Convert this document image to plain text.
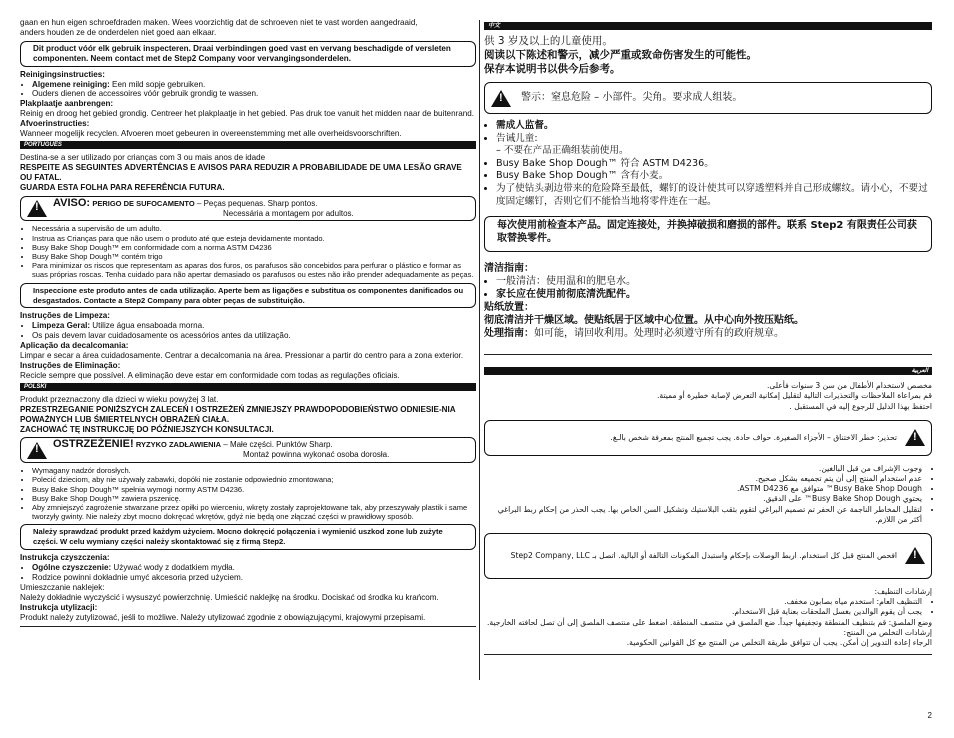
gaan en hun eigen schroefdraden maken. Wees voorzichtig dat de schroeven niet te vast worden aangedraaid,
anders houden ze de onderdelen niet goed aan elkaar.
Dit product vóór elk gebruik inspecteren. Draai verbindingen goed vast en vervang beschadigde of versleten componenten. Neem contact met de Step2 Company voor vervangingsonderdelen.
Reinigingsinstructies:
• Algemene reiniging: Een mild sopje gebruiken.
• Ouders dienen de accessoires vóór gebruik grondig te wassen.
Plakplaatje aanbrengen:
Reinig en droog het gebied grondig. Centreer het plakplaatje in het gebied. Pas druk toe vanuit het midden naar de buitenrand.
Afvoerinstructies:
Wanneer mogelijk recyclen. Afvoeren moet gebeuren in overeenstemming met alle overheidsvoorschriften.
PORTUGUÊS
Destina-se a ser utilizado por crianças com 3 ou mais anos de idade
RESPEITE AS SEGUINTES ADVERTÊNCIAS E AVISOS PARA REDUZIR A PROBABILIDADE DE UMA LESÃO GRAVE OU FATAL.
GUARDA ESTA FOLHA PARA REFERÊNCIA FUTURA.
! AVISO: PERIGO DE SUFOCAMENTO – Peças pequenas. Sharp pontos.
Necessária a montagem por adultos.
• Necessária a supervisão de um adulto.
• Instrua as Crianças para que não usem o produto até que esteja devidamente montado.
• Busy Bake Shop Dough™ em conformidade com a norma ASTM D4236
• Busy Bake Shop Dough™ contém trigo
• Para minimizar os riscos que representam as aparas dos furos, os parafusos são concebidos para perfurar o plástico e formar as suas próprias roscas. Tenha cuidado para não apertar demasiado os parafusos ou estes não irão prender adequadamente as peças.
Inspeccione este produto antes de cada utilização. Aperte bem as ligações e substitua os componentes danificados ou desgastados. Contacte a Step2 Company para obter peças de substituição.
Instruções de Limpeza:
• Limpeza Geral: Utilize água ensaboada morna.
• Os pais devem lavar cuidadosamente os acessórios antes da utilização.
Aplicação da decalcomania:
Limpar e secar a área cuidadosamente. Centrar a decalcomania na área. Pressionar a partir do centro para a zona exterior.
Instruções de Eliminação:
Recicle sempre que possível. A eliminação deve estar em conformidade com todas as regulações oficiais.
POLSKI
Produkt przeznaczony dla dzieci w wieku powyżej 3 lat.
PRZESTRZEGANIE PONIŻSZYCH ZALECEŃ I OSTRZEŻEŃ ZMNIEJSZY PRAWDOPODOBIEŃSTWO ODNIESIE-NIA POWAŻNYCH LUB ŚMIERTELNYCH OBRAŻEŃ CIAŁA.
ZACHOWAĆ TĘ INSTRUKCJĘ DO PÓŹNIEJSZYCH KONSULTACJI.
! OSTRZEŻENIE! RYZYKO ZADŁAWIENIA – Małe części. Punktów Sharp.
Montaż powinna wykonać osoba dorosła.
• Wymagany nadzór dorosłych.
• Polecić dzieciom, aby nie używały zabawki, dopóki nie zostanie odpowiednio zmontowana;
• Busy Bake Shop Dough™ spełnia wymogi normy ASTM D4236.
• Busy Bake Shop Dough™ zawiera pszenicę.
• Aby zmniejszyć zagrożenie stwarzane przez opiłki po wierceniu, wkręty zostały zaprojektowane tak, aby przeszywały plastik i same tworzyły gwinty. Nie należy zbyt mocno dokręcać wkrętów, gdyż nie będą one złączać części w prawidłowy sposób.
Należy sprawdzać produkt przed każdym użyciem. Mocno dokręcić połączenia i wymienić uszkod zone lub zużyte części. W celu wymiany części należy skontaktować się z firmą Step2.
Instrukcja czyszczenia:
• Ogólne czyszczenie: Używać wody z dodatkiem mydła.
• Rodzice powinni dokładnie umyć akcesoria przed użyciem.
Umieszczanie naklejek:
Należy dokładnie wyczyścić i wysuszyć powierzchnię. Umieścić naklejkę na środku. Dociskać od środka ku krańcom.
Instrukcja utylizacji:
Produkt należy zutylizować, jeśli to możliwe. Należy utylizować zgodnie z obowiązującymi, krajowymi przepisami.
中文
供 3 岁及以上的儿童使用。
阅读以下陈述和警示，减少严重或致命伤害发生的可能性。
保存本说明书以供今后参考。
! 警示：窒息危险 – 小部件。尖角。要求成人组装。
• 需成人监督。
• 告诫儿童:
– 不要在产品正确组装前使用。
• Busy Bake Shop Dough™ 符合 ASTM D4236。
• Busy Bake Shop Dough™ 含有小麦。
• 为了使钻头剥边带来的危险降至最低，螺钉的设计使其可以穿透塑料并自己形成螺纹。请小心，不要过度固定螺钉，否则它们不能恰当地将零件连在一起。
每次使用前检查本产品。固定连接处，并换掉破损和磨损的部件。联系 Step2 有限责任公司获取替换零件。
清洁指南：
• 一般清洁：使用温和的肥皂水。
• 家长应在使用前彻底清洗配件。
贴纸放置：
彻底清洁并干燥区域。使贴纸居于区域中心位置。从中心向外按压贴纸。
处理指南：如可能，请回收利用。处理时必须遵守所有的政府规章。
العربية
مخصص لاستخدام الأطفال من سن 3 سنوات فأعلى.
قم بمراعاة الملاحظات والتحذيرات التالية لتقليل إمكانية التعرض لإصابة خطيرة أو مميتة.
احتفظ بهذا الدليل للرجوع إليه في المستقبل .
تحذير: خطر الاختناق – الأجزاء الصغيرة. حواف حادة. يجب تجميع المنتج بمعرفة شخص بالـغ.	!
• وجوب الإشراف من قبل البالغين.
• عدم استخدام المنتج إلى أن يتم تجميعه بشكل صحيح.
• Busy Bake Shop Dough™ متوافق مع ASTM D4236.
• يحتوي Busy Bake Shop Dough™ على الدقيق.
• لتقليل المخاطر الناجمة عن الحفر تم تصميم البراغي لتقوم بثقب البلاستيك وتشكيل السن الخاص بها. يجب الحذر من إحكام ربط البراغي أكثر من اللازم.
افحص المنتج قبل كل استخدام. اربط الوصلات بإحكام واستبدل المكونات التالفة أو البالية. اتصل بـ Step2 Company, LLC	!
إرشادات التنظيف:
• التنظيف العام: استخدم مياه بصابون مخفف.
• يجب أن يقوم الوالدين بغسل الملحقات بعناية قبل الاستخدام.
وضع الملصق: قم بتنظيف المنطقة وتجفيفها جيداً. ضع الملصق في منتصف المنطقة. اضغط على منتصف الملصق إلى أن تصل لحافته الخارجية.
إرشادات التخلص من المنتج:
الرجاء إعادة التدوير إن أمكن. يجب أن تتوافق طريقة التخلص من المنتج مع كل القوانين الحكومية.
2
